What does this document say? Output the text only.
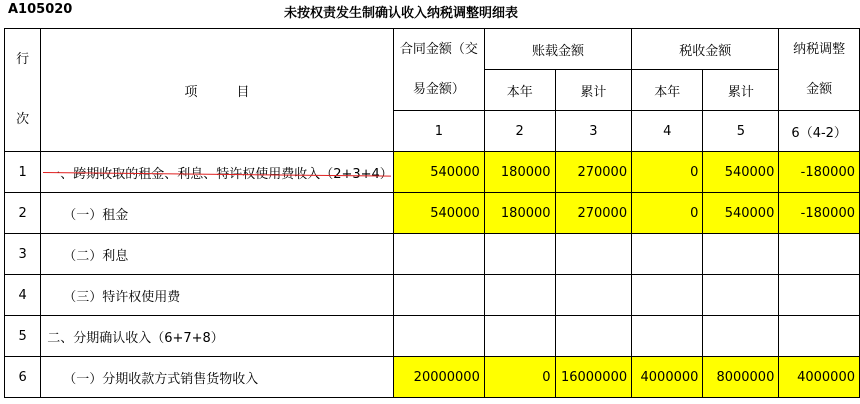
A105020	未按权责发生制确认收入纳税调整明细表
行

次	项　　　目	合同金额（交
易金额）	账载金额		税收金额		纳税调整
金额
			本年	累计	本年	累计	
		1	2	3	4	5	6（4-2）
1	一、跨期收取的租金、利息、特许权使用费收入（2+3+4）	540000	180000	270000	0	540000	-180000
2	（一）租金	540000	180000	270000	0	540000	-180000
3	（二）利息						
4	（三）特许权使用费						
5	二、分期确认收入（6+7+8）						
6	（一）分期收款方式销售货物收入	20000000	0	16000000	4000000	8000000	4000000
